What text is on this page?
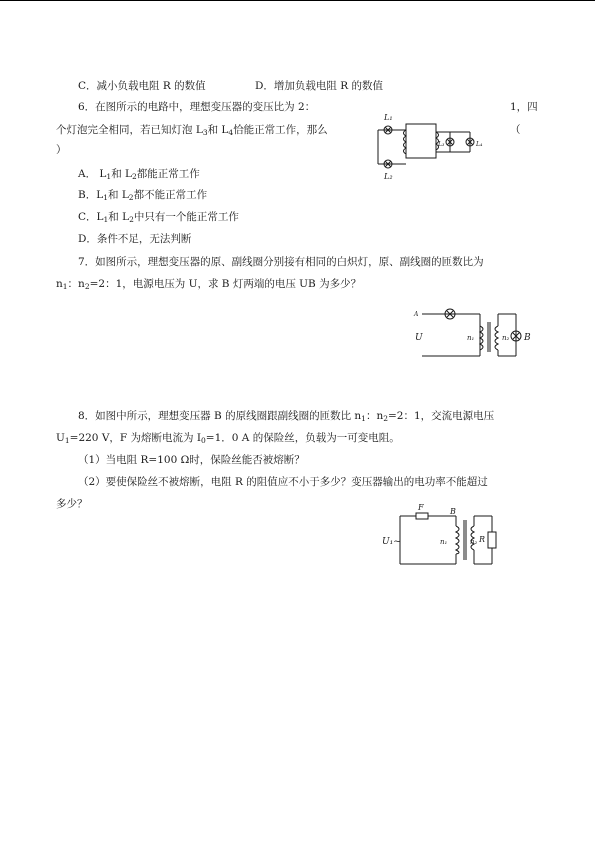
C．减小负载电阻 R 的数值	D．增加负载电阻 R 的数值
6．在图所示的电路中，理想变压器的变压比为 2：	1，四
个灯泡完全相同，若已知灯泡 $L_3$和 $L_4$恰能正常工作，那么	（
）
A． $L_1$和 $L_2$都能正常工作
B．$L_1$和 $L_2$都不能正常工作
C．$L_1$和 $L_2$中只有一个能正常工作
D．条件不足，无法判断
L₁
L₂
L₃	L₄
7．如图所示，理想变压器的原、副线圈分别接有相同的白炽灯，原、副线圈的匝数比为
$n_1$：$n_2=2$：1，电源电压为 U，求 B 灯两端的电压 UB 为多少？
A
U	n₁	n₂ B
8．如图中所示，理想变压器 B 的原线圈跟副线圈的匝数比 $n_1$：$n_2=2$：1，交流电源电压
$U_1=220$ V，F 为熔断电流为 $I_0=1$．0 A 的保险丝，负载为一可变电阻。
（1）当电阻 R=100 Ω时，保险丝能否被熔断？
（2）要使保险丝不被熔断，电阻 R 的阻值应不小于多少？变压器输出的电功率不能超过
多少？	F	B
U₁~	n₁	n₂ R
